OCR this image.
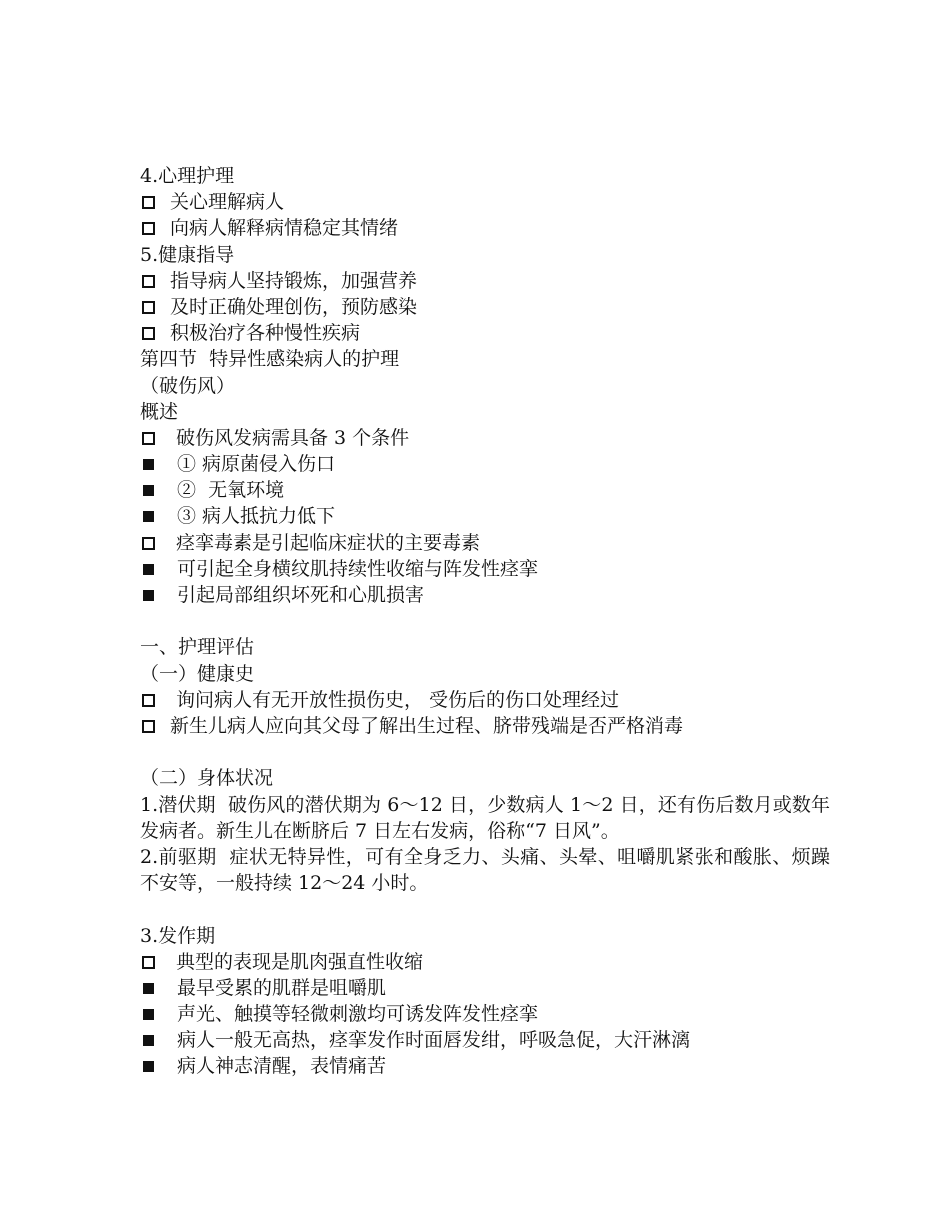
4.心理护理
关心理解病人
向病人解释病情稳定其情绪
5.健康指导
指导病人坚持锻炼，加强营养
及时正确处理创伤，预防感染
积极治疗各种慢性疾病
第四节  特异性感染病人的护理
（破伤风）
概述
破伤风发病需具备 3 个条件
① 病原菌侵入伤口
②  无氧环境
③ 病人抵抗力低下
痉挛毒素是引起临床症状的主要毒素
可引起全身横纹肌持续性收缩与阵发性痉挛
引起局部组织坏死和心肌损害
一、护理评估
（一）健康史
询问病人有无开放性损伤史， 受伤后的伤口处理经过
新生儿病人应向其父母了解出生过程、脐带残端是否严格消毒
（二）身体状况
1.潜伏期  破伤风的潜伏期为 6～12 日，少数病人 1～2 日，还有伤后数月或数年发病者。新生儿在断脐后 7 日左右发病，俗称“7 日风”。
2.前驱期  症状无特异性，可有全身乏力、头痛、头晕、咀嚼肌紧张和酸胀、烦躁不安等，一般持续 12～24 小时。
3.发作期
典型的表现是肌肉强直性收缩
最早受累的肌群是咀嚼肌
声光、触摸等轻微刺激均可诱发阵发性痉挛
病人一般无高热，痉挛发作时面唇发绀，呼吸急促，大汗淋漓
病人神志清醒，表情痛苦
